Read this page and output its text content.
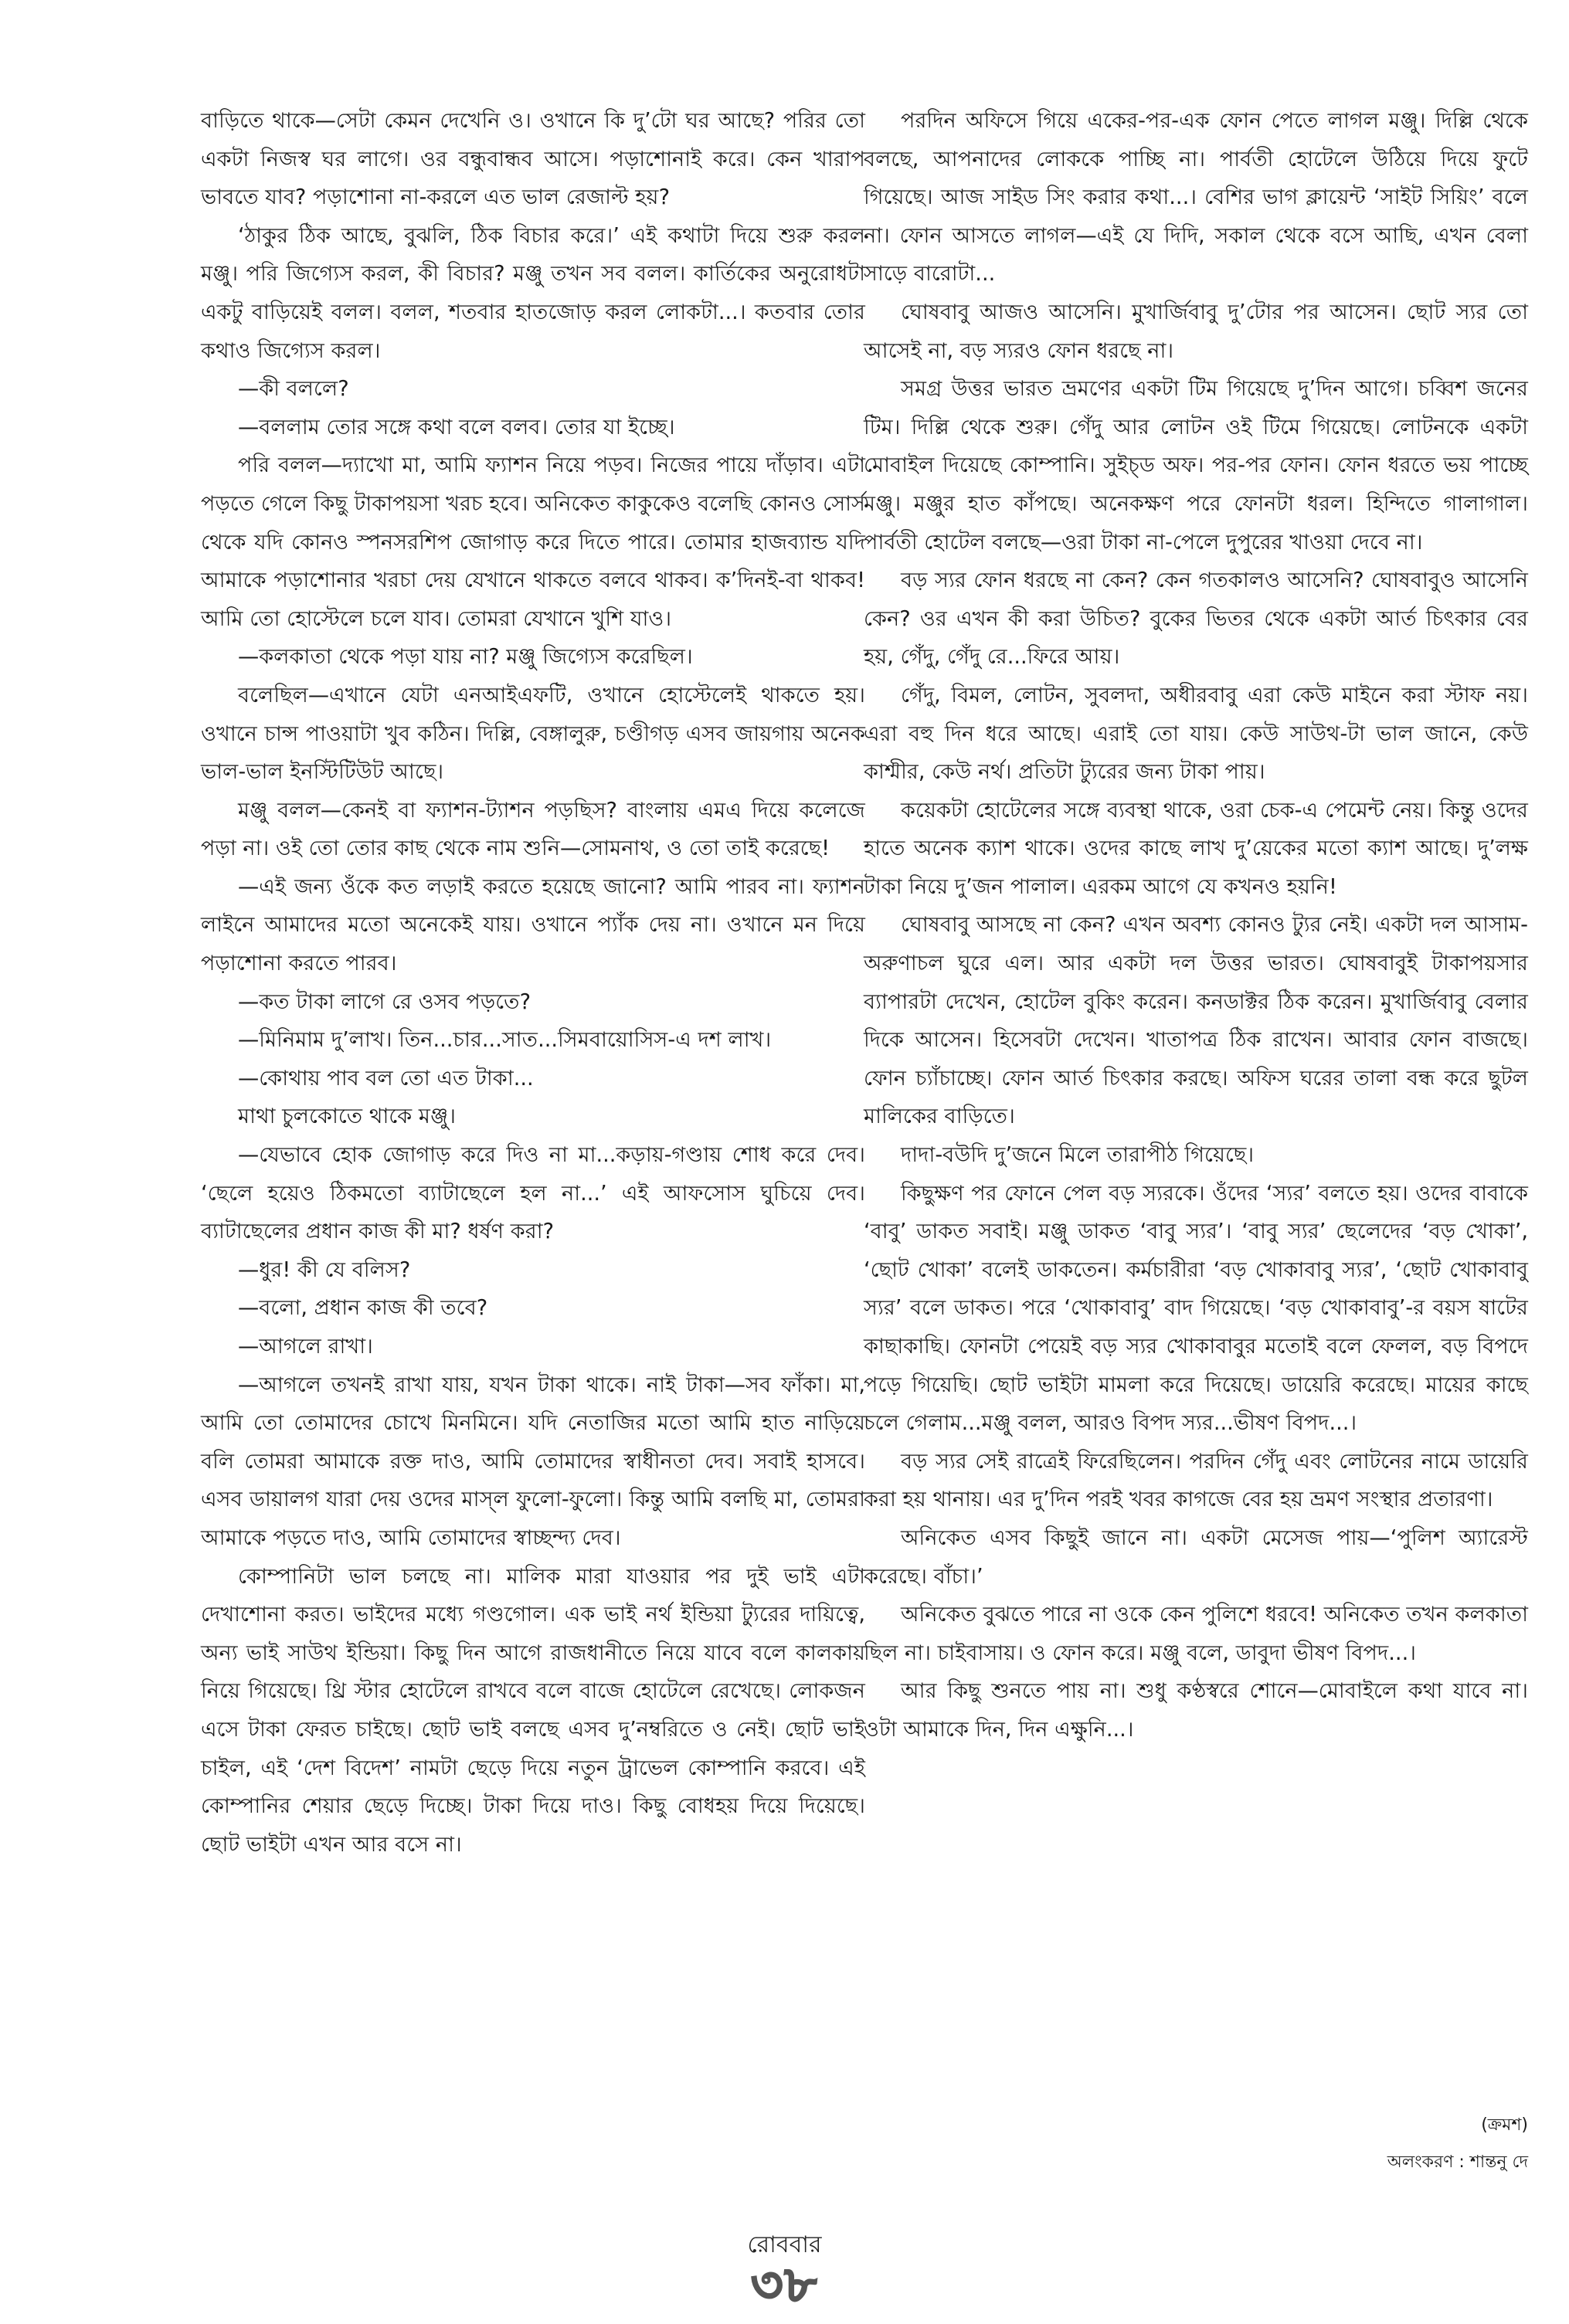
বাড়িতে থাকে—সেটা কেমন দেখেনি ও। ওখানে কি দু’টো ঘর আছে? পরির তো একটা নিজস্ব ঘর লাগে। ওর বন্ধুবান্ধব আসে। পড়াশোনাই করে। কেন খারাপ ভাবতে যাব? পড়াশোনা না-করলে এত ভাল রেজাল্ট হয়?

‘ঠাকুর ঠিক আছে, বুঝলি, ঠিক বিচার করে।’ এই কথাটা দিয়ে শুরু করল মঞ্জু। পরি জিগ্যেস করল, কী বিচার? মঞ্জু তখন সব বলল। কার্তিকের অনুরোধটা একটু বাড়িয়েই বলল। বলল, শতবার হাতজোড় করল লোকটা...। কতবার তোর কথাও জিগ্যেস করল।

—কী বললে?

—বললাম তোর সঙ্গে কথা বলে বলব। তোর যা ইচ্ছে।

পরি বলল—দ্যাখো মা, আমি ফ্যাশন নিয়ে পড়ব। নিজের পায়ে দাঁড়াব। এটা পড়তে গেলে কিছু টাকাপয়সা খরচ হবে। অনিকেত কাকুকেও বলেছি কোনও সোর্স থেকে যদি কোনও স্পনসরশিপ জোগাড় করে দিতে পারে। তোমার হাজব্যান্ড যদি আমাকে পড়াশোনার খরচা দেয় যেখানে থাকতে বলবে থাকব। ক’দিনই-বা থাকব! আমি তো হোস্টেলে চলে যাব। তোমরা যেখানে খুশি যাও।

—কলকাতা থেকে পড়া যায় না? মঞ্জু জিগ্যেস করেছিল।

বলেছিল—এখানে যেটা এনআইএফটি, ওখানে হোস্টেলেই থাকতে হয়। ওখানে চান্স পাওয়াটা খুব কঠিন। দিল্লি, বেঙ্গালুরু, চণ্ডীগড় এসব জায়গায় অনেক ভাল-ভাল ইনস্টিটিউট আছে।

মঞ্জু বলল—কেনই বা ফ্যাশন-ট্যাশন পড়ছিস? বাংলায় এমএ দিয়ে কলেজে পড়া না। ওই তো তোর কাছ থেকে নাম শুনি—সোমনাথ, ও তো তাই করেছে!

—এই জন্য ওঁকে কত লড়াই করতে হয়েছে জানো? আমি পারব না। ফ্যাশন লাইনে আমাদের মতো অনেকেই যায়। ওখানে প্যাঁক দেয় না। ওখানে মন দিয়ে পড়াশোনা করতে পারব।

—কত টাকা লাগে রে ওসব পড়তে?

—মিনিমাম দু’লাখ। তিন...চার...সাত...সিমবায়োসিস-এ দশ লাখ।

—কোথায় পাব বল তো এত টাকা...

মাথা চুলকোতে থাকে মঞ্জু।

—যেভাবে হোক জোগাড় করে দিও না মা...কড়ায়-গণ্ডায় শোধ করে দেব। ‘ছেলে হয়েও ঠিকমতো ব্যাটাছেলে হল না...’ এই আফসোস ঘুচিয়ে দেব। ব্যাটাছেলের প্রধান কাজ কী মা? ধর্ষণ করা?

—ধুর! কী যে বলিস?

—বলো, প্রধান কাজ কী তবে?

—আগলে রাখা।

—আগলে তখনই রাখা যায়, যখন টাকা থাকে। নাই টাকা—সব ফাঁকা। মা, আমি তো তোমাদের চোখে মিনমিনে। যদি নেতাজির মতো আমি হাত নাড়িয়ে বলি তোমরা আমাকে রক্ত দাও, আমি তোমাদের স্বাধীনতা দেব। সবাই হাসবে। এসব ডায়ালগ যারা দেয় ওদের মাস্‌ল ফুলো-ফুলো। কিন্তু আমি বলছি মা, তোমরা আমাকে পড়তে দাও, আমি তোমাদের স্বাচ্ছন্দ্য দেব।

কোম্পানিটা ভাল চলছে না। মালিক মারা যাওয়ার পর দুই ভাই এটা দেখাশোনা করত। ভাইদের মধ্যে গণ্ডগোল। এক ভাই নর্থ ইন্ডিয়া ট্যুরের দায়িত্বে, অন্য ভাই সাউথ ইন্ডিয়া। কিছু দিন আগে রাজধানীতে নিয়ে যাবে বলে কালকায় নিয়ে গিয়েছে। থ্রি স্টার হোটেলে রাখবে বলে বাজে হোটেলে রেখেছে। লোকজন এসে টাকা ফেরত চাইছে। ছোট ভাই বলছে এসব দু’নম্বরিতে ও নেই। ছোট ভাই চাইল, এই ‘দেশ বিদেশ’ নামটা ছেড়ে দিয়ে নতুন ট্রাভেল কোম্পানি করবে। এই কোম্পানির শেয়ার ছেড়ে দিচ্ছে। টাকা দিয়ে দাও। কিছু বোধহয় দিয়ে দিয়েছে। ছোট ভাইটা এখন আর বসে না।

পরদিন অফিসে গিয়ে একের-পর-এক ফোন পেতে লাগল মঞ্জু। দিল্লি থেকে বলছে, আপনাদের লোককে পাচ্ছি না। পার্বতী হোটেলে উঠিয়ে দিয়ে ফুটে গিয়েছে। আজ সাইড সিং করার কথা...। বেশির ভাগ ক্লায়েন্ট ‘সাইট সিয়িং’ বলে না। ফোন আসতে লাগল—এই যে দিদি, সকাল থেকে বসে আছি, এখন বেলা সাড়ে বারোটা...

ঘোষবাবু আজও আসেনি। মুখার্জিবাবু দু’টোর পর আসেন। ছোট স্যর তো আসেই না, বড় স্যরও ফোন ধরছে না।

সমগ্র উত্তর ভারত ভ্রমণের একটা টিম গিয়েছে দু’দিন আগে। চব্বিশ জনের টিম। দিল্লি থেকে শুরু। গেঁদু আর লোটন ওই টিমে গিয়েছে। লোটনকে একটা মোবাইল দিয়েছে কোম্পানি। সুইচ্‌ড অফ। পর-পর ফোন। ফোন ধরতে ভয় পাচ্ছে মঞ্জু। মঞ্জুর হাত কাঁপছে। অনেকক্ষণ পরে ফোনটা ধরল। হিন্দিতে গালাগাল। পার্বতী হোটেল বলছে—ওরা টাকা না-পেলে দুপুরের খাওয়া দেবে না।

বড় স্যর ফোন ধরছে না কেন? কেন গতকালও আসেনি? ঘোষবাবুও আসেনি কেন? ওর এখন কী করা উচিত? বুকের ভিতর থেকে একটা আর্ত চিৎকার বের হয়, গেঁদু, গেঁদু রে...ফিরে আয়।

গেঁদু, বিমল, লোটন, সুবলদা, অধীরবাবু এরা কেউ মাইনে করা স্টাফ নয়। এরা বহু দিন ধরে আছে। এরাই তো যায়। কেউ সাউথ-টা ভাল জানে, কেউ কাশ্মীর, কেউ নর্থ। প্রতিটা ট্যুরের জন্য টাকা পায়।

কয়েকটা হোটেলের সঙ্গে ব্যবস্থা থাকে, ওরা চেক-এ পেমেন্ট নেয়। কিন্তু ওদের হাতে অনেক ক্যাশ থাকে। ওদের কাছে লাখ দু’য়েকের মতো ক্যাশ আছে। দু’লক্ষ টাকা নিয়ে দু’জন পালাল। এরকম আগে যে কখনও হয়নি!

ঘোষবাবু আসছে না কেন? এখন অবশ্য কোনও ট্যুর নেই। একটা দল আসাম-অরুণাচল ঘুরে এল। আর একটা দল উত্তর ভারত। ঘোষবাবুই টাকাপয়সার ব্যাপারটা দেখেন, হোটেল বুকিং করেন। কনডাক্টর ঠিক করেন। মুখার্জিবাবু বেলার দিকে আসেন। হিসেবটা দেখেন। খাতাপত্র ঠিক রাখেন। আবার ফোন বাজছে। ফোন চ্যাঁচাচ্ছে। ফোন আর্ত চিৎকার করছে। অফিস ঘরের তালা বন্ধ করে ছুটল মালিকের বাড়িতে।

দাদা-বউদি দু’জনে মিলে তারাপীঠ গিয়েছে।

কিছুক্ষণ পর ফোনে পেল বড় স্যরকে। ওঁদের ‘স্যর’ বলতে হয়। ওদের বাবাকে ‘বাবু’ ডাকত সবাই। মঞ্জু ডাকত ‘বাবু স্যর’। ‘বাবু স্যর’ ছেলেদের ‘বড় খোকা’, ‘ছোট খোকা’ বলেই ডাকতেন। কর্মচারীরা ‘বড় খোকাবাবু স্যর’, ‘ছোট খোকাবাবু স্যর’ বলে ডাকত। পরে ‘খোকাবাবু’ বাদ গিয়েছে। ‘বড় খোকাবাবু’-র বয়স ষাটের কাছাকাছি। ফোনটা পেয়েই বড় স্যর খোকাবাবুর মতোই বলে ফেলল, বড় বিপদে পড়ে গিয়েছি। ছোট ভাইটা মামলা করে দিয়েছে। ডায়েরি করেছে। মায়ের কাছে চলে গেলাম...মঞ্জু বলল, আরও বিপদ স্যর...ভীষণ বিপদ...।

বড় স্যর সেই রাত্রেই ফিরেছিলেন। পরদিন গেঁদু এবং লোটনের নামে ডায়েরি করা হয় থানায়। এর দু’দিন পরই খবর কাগজে বের হয় ভ্রমণ সংস্থার প্রতারণা।

অনিকেত এসব কিছুই জানে না। একটা মেসেজ পায়—‘পুলিশ অ্যারেস্ট করেছে। বাঁচা।’

অনিকেত বুঝতে পারে না ওকে কেন পুলিশে ধরবে! অনিকেত তখন কলকাতা ছিল না। চাইবাসায়। ও ফোন করে। মঞ্জু বলে, ডাবুদা ভীষণ বিপদ...।

আর কিছু শুনতে পায় না। শুধু কণ্ঠস্বরে শোনে—মোবাইলে কথা যাবে না। ওটা আমাকে দিন, দিন এক্ষুনি...।

(ক্রমশ)
অলংকরণ : শান্তনু দে
রোববার
৩৮
